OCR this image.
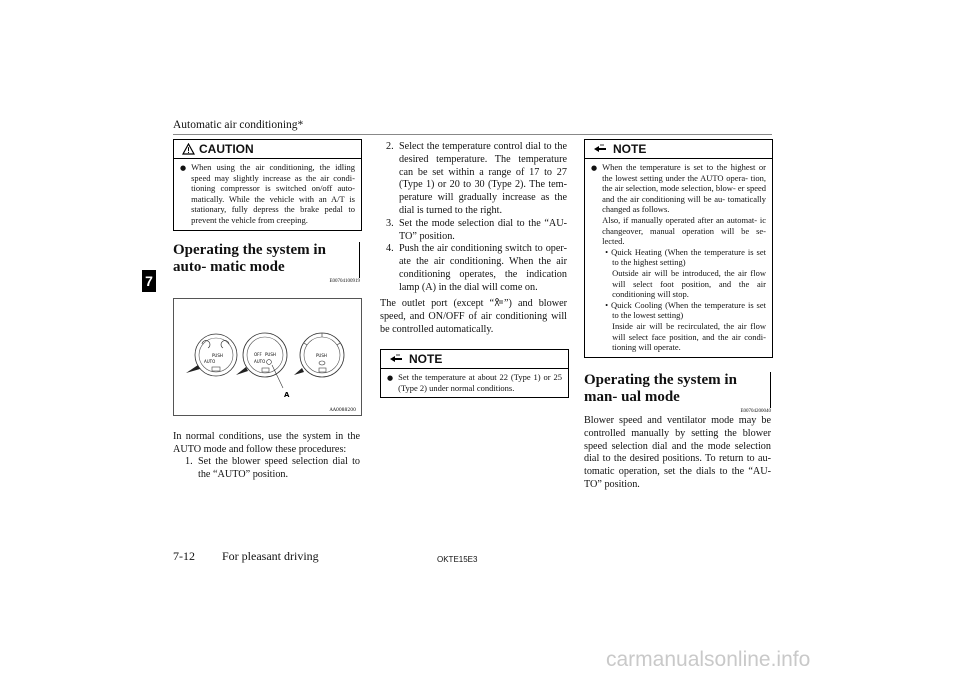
Automatic air conditioning*
7
CAUTION
● When using the air conditioning, the idling speed may slightly increase as the air condi- tioning compressor is switched on/off auto- matically. While the vehicle with an A/T is stationary, fully depress the brake pedal to prevent the vehicle from creeping.
Operating the system in auto- matic mode
E00704100919
PUSH
AUTO
OFF PUSH
AUTO
PUSH
A
AA0088200
In normal conditions, use the system in the AUTO mode and follow these procedures:
1. Set the blower speed selection dial to the “AUTO” position.
2. Select the temperature control dial to the desired temperature. The temperature can be set within a range of 17 to 27 (Type 1) or 20 to 30 (Type 2). The tem- perature will gradually increase as the dial is turned to the right.
3. Set the mode selection dial to the “AU- TO” position.
4. Push the air conditioning switch to oper- ate the air conditioning. When the air conditioning operates, the indication lamp (A) in the dial will come on.
The outlet port (except “ ”) and blower speed, and ON/OFF of air conditioning will be controlled automatically.
NOTE
● Set the temperature at about 22 (Type 1) or 25 (Type 2) under normal conditions.
NOTE
● When the temperature is set to the highest or the lowest setting under the AUTO opera- tion, the air selection, mode selection, blow- er speed and the air conditioning will be au- tomatically changed as follows.
Also, if manually operated after an automat- ic changeover, manual operation will be se- lected.
• Quick Heating (When the temperature is set to the highest setting)
Outside air will be introduced, the air flow will select foot position, and the air conditioning will stop.
• Quick Cooling (When the temperature is set to the lowest setting)
Inside air will be recirculated, the air flow will select face position, and the air condi- tioning will operate.
Operating the system in man- ual mode
E00704200040
Blower speed and ventilator mode may be controlled manually by setting the blower speed selection dial and the mode selection dial to the desired positions. To return to au- tomatic operation, set the dials to the “AU- TO” position.
7-12 For pleasant driving	OKTE15E3
carmanualsonline.info
